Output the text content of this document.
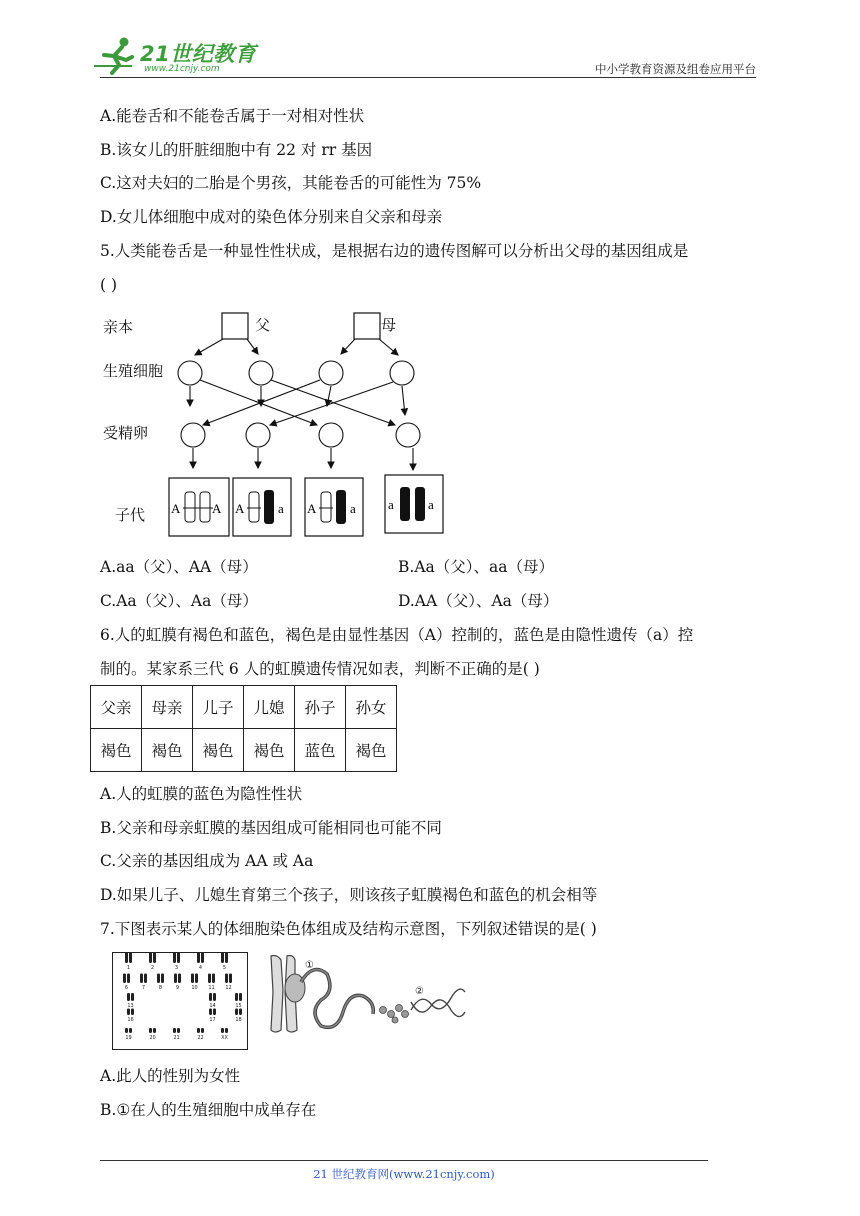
21世纪教育
www.21cnjy.com	中小学教育资源及组卷应用平台
A.能卷舌和不能卷舌属于一对相对性状
B.该女儿的肝脏细胞中有 22 对 rr 基因
C.这对夫妇的二胎是个男孩，其能卷舌的可能性为 75%
D.女儿体细胞中成对的染色体分别来自父亲和母亲
5.人类能卷舌是一种显性性状成，是根据右边的遗传图解可以分析出父母的基因组成是
( )
亲本
生殖细胞
受精卵
子代
父	母
A A A	a A	a a	a
A.aa（父）、AA（母）	B.Aa（父）、aa（母）
C.Aa（父）、Aa（母）	D.AA（父）、Aa（母）
6.人的虹膜有褐色和蓝色，褐色是由显性基因（A）控制的，蓝色是由隐性遗传（a）控
制的。某家系三代 6 人的虹膜遗传情况如表，判断不正确的是( )
父亲	母亲	儿子	儿媳	孙子	孙女
褐色	褐色	褐色	褐色	蓝色	褐色
A.人的虹膜的蓝色为隐性性状
B.父亲和母亲虹膜的基因组成可能相同也可能不同
C.父亲的基因组成为 AA 或 Aa
D.如果儿子、儿媳生育第三个孩子，则该孩子虹膜褐色和蓝色的机会相等
7.下图表示某人的体细胞染色体组成及结构示意图，下列叙述错误的是( )
1	2	3	4	5
6	7	8	9 10 11 12
13	14	15
16	17	18
19	20	21	22	XX
①
②
A.此人的性别为女性
B.①在人的生殖细胞中成单存在
21 世纪教育网(www.21cnjy.com)
